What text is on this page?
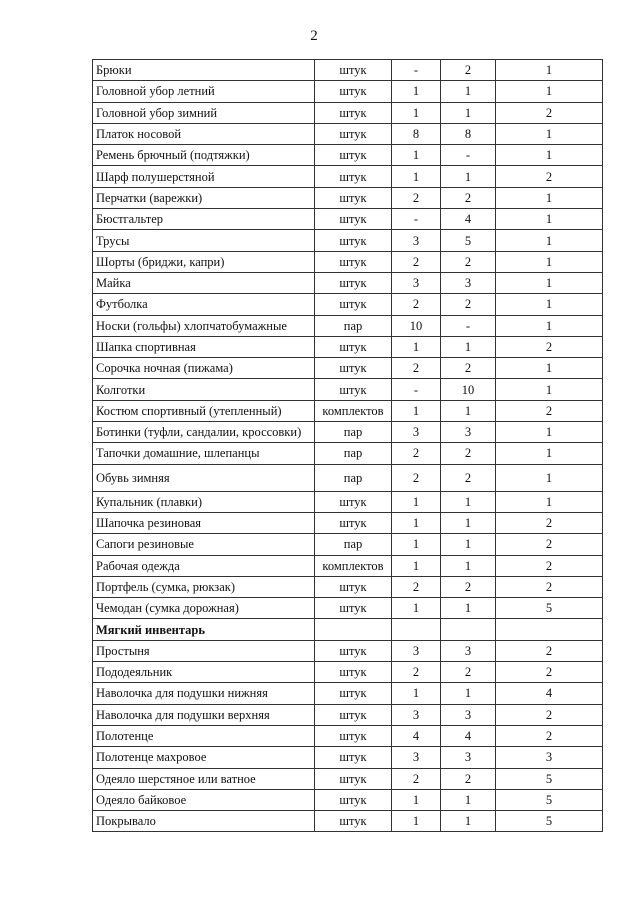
2
Брюки	штук	-	2	1
Головной убор летний	штук	1	1	1
Головной убор зимний	штук	1	1	2
Платок носовой	штук	8	8	1
Ремень брючный (подтяжки)	штук	1	-	1
Шарф полушерстяной	штук	1	1	2
Перчатки (варежки)	штук	2	2	1
Бюстгальтер	штук	-	4	1
Трусы	штук	3	5	1
Шорты (бриджи, капри)	штук	2	2	1
Майка	штук	3	3	1
Футболка	штук	2	2	1
Носки (гольфы) хлопчатобумажные	пар	10	-	1
Шапка спортивная	штук	1	1	2
Сорочка ночная (пижама)	штук	2	2	1
Колготки	штук	-	10	1
Костюм спортивный (утепленный)	комплектов	1	1	2
Ботинки (туфли, сандалии, кроссовки)	пар	3	3	1
Тапочки домашние, шлепанцы	пар	2	2	1
Обувь зимняя	пар	2	2	1
Купальник (плавки)	штук	1	1	1
Шапочка резиновая	штук	1	1	2
Сапоги резиновые	пар	1	1	2
Рабочая одежда	комплектов	1	1	2
Портфель (сумка, рюкзак)	штук	2	2	2
Чемодан (сумка дорожная)	штук	1	1	5
Мягкий инвентарь				
Простыня	штук	3	3	2
Пододеяльник	штук	2	2	2
Наволочка для подушки нижняя	штук	1	1	4
Наволочка для подушки верхняя	штук	3	3	2
Полотенце	штук	4	4	2
Полотенце махровое	штук	3	3	3
Одеяло шерстяное или ватное	штук	2	2	5
Одеяло байковое	штук	1	1	5
Покрывало	штук	1	1	5
